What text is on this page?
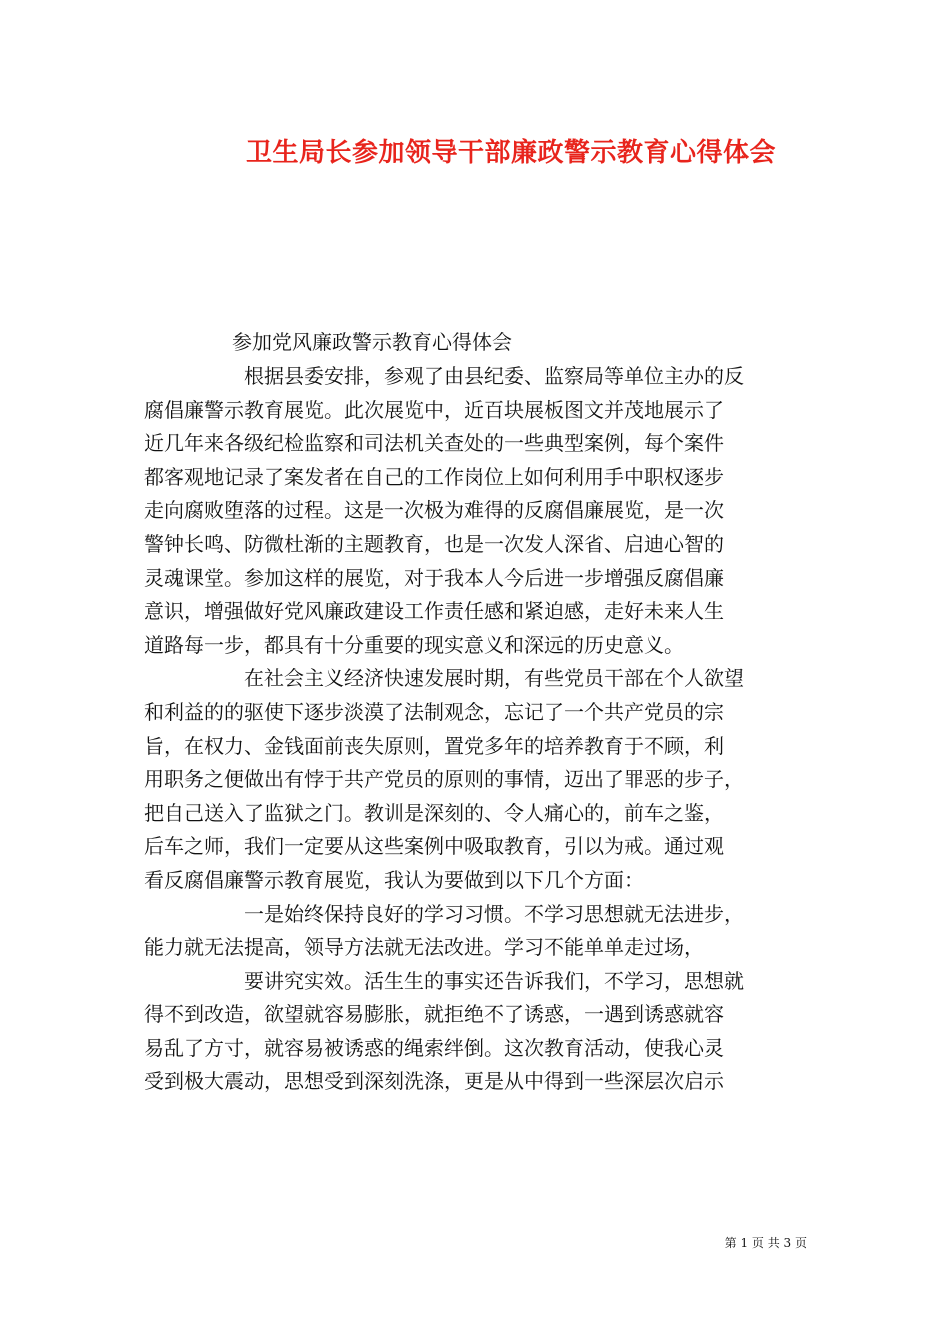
卫生局长参加领导干部廉政警示教育心得体会
参加党风廉政警示教育心得体会

根据县委安排，参观了由县纪委、监察局等单位主办的反
腐倡廉警示教育展览。此次展览中，近百块展板图文并茂地展示了
近几年来各级纪检监察和司法机关查处的一些典型案例，每个案件
都客观地记录了案发者在自己的工作岗位上如何利用手中职权逐步
走向腐败堕落的过程。这是一次极为难得的反腐倡廉展览，是一次
警钟长鸣、防微杜渐的主题教育，也是一次发人深省、启迪心智的
灵魂课堂。参加这样的展览，对于我本人今后进一步增强反腐倡廉
意识，增强做好党风廉政建设工作责任感和紧迫感，走好未来人生
道路每一步，都具有十分重要的现实意义和深远的历史意义。

在社会主义经济快速发展时期，有些党员干部在个人欲望
和利益的的驱使下逐步淡漠了法制观念，忘记了一个共产党员的宗
旨，在权力、金钱面前丧失原则，置党多年的培养教育于不顾，利
用职务之便做出有悖于共产党员的原则的事情，迈出了罪恶的步子，
把自己送入了监狱之门。教训是深刻的、令人痛心的，前车之鉴，
后车之师，我们一定要从这些案例中吸取教育，引以为戒。通过观
看反腐倡廉警示教育展览，我认为要做到以下几个方面：

一是始终保持良好的学习习惯。不学习思想就无法进步，
能力就无法提高，领导方法就无法改进。学习不能单单走过场，

要讲究实效。活生生的事实还告诉我们，不学习，思想就
得不到改造，欲望就容易膨胀，就拒绝不了诱惑，一遇到诱惑就容
易乱了方寸，就容易被诱惑的绳索绊倒。这次教育活动，使我心灵
受到极大震动，思想受到深刻洗涤，更是从中得到一些深层次启示

第 1 页 共 3 页
